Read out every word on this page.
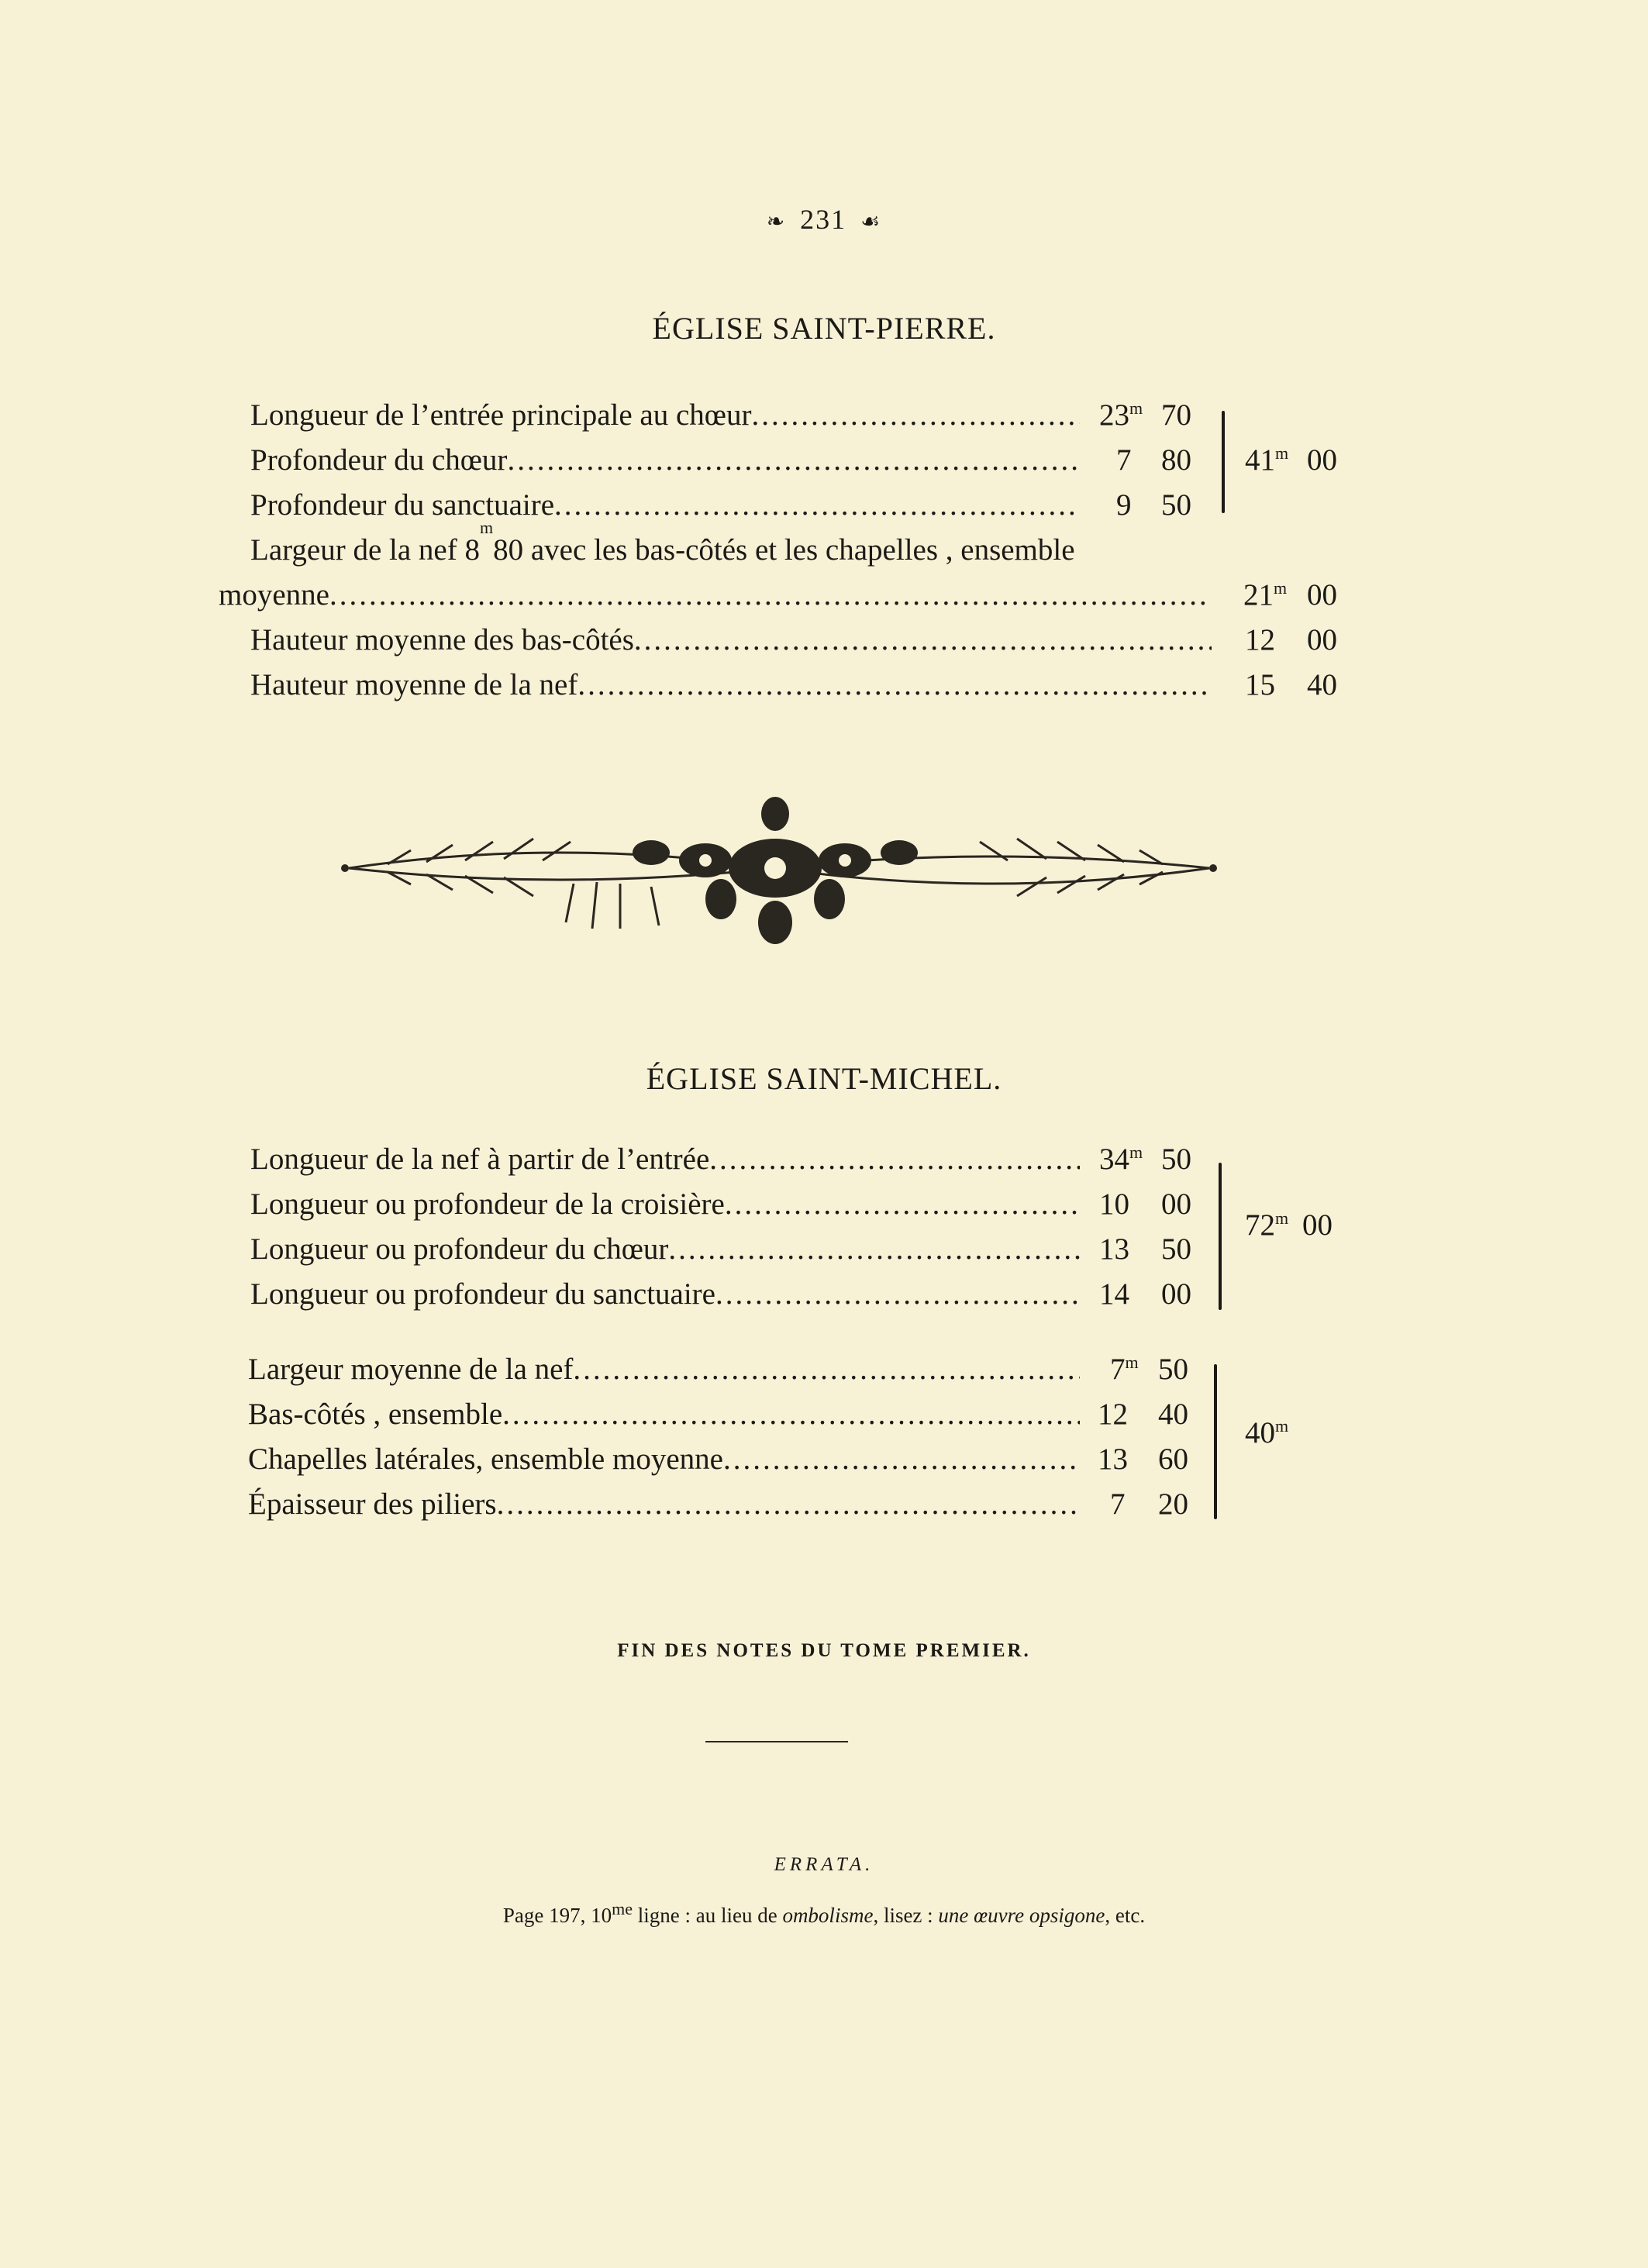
❧ 231 ☙
ÉGLISE SAINT-PIERRE.
Longueur de l’entrée principale au chœur .....	23$^m$ 70
Profondeur du chœur .....	7 80
Profondeur du sanctuaire .....	9 50
41$^m$ 00
Largeur de la nef 8
m
80 avec les bas-côtés et les chapelles , ensemble
moyenne .....	21$^m$ 00
Hauteur moyenne des bas-côtés .....	12 00
Hauteur moyenne de la nef .....	15 40
ÉGLISE SAINT-MICHEL.
Longueur de la nef à partir de l’entrée .....	34$^m$ 50
Longueur ou profondeur de la croisière .....	10 00
Longueur ou profondeur du chœur .....	13 50
Longueur ou profondeur du sanctuaire .....	14 00
72$^m$ 00
Largeur moyenne de la nef .....	7$^m$ 50
Bas-côtés , ensemble .....	12 40
Chapelles latérales, ensemble moyenne .....	13 60
Épaisseur des piliers .....	7 20
40$^m$
FIN DES NOTES DU TOME PREMIER.
ERRATA.
Page 197, $10^{me}$ ligne : au lieu de ombolisme, lisez : une œuvre opsigone, etc.
